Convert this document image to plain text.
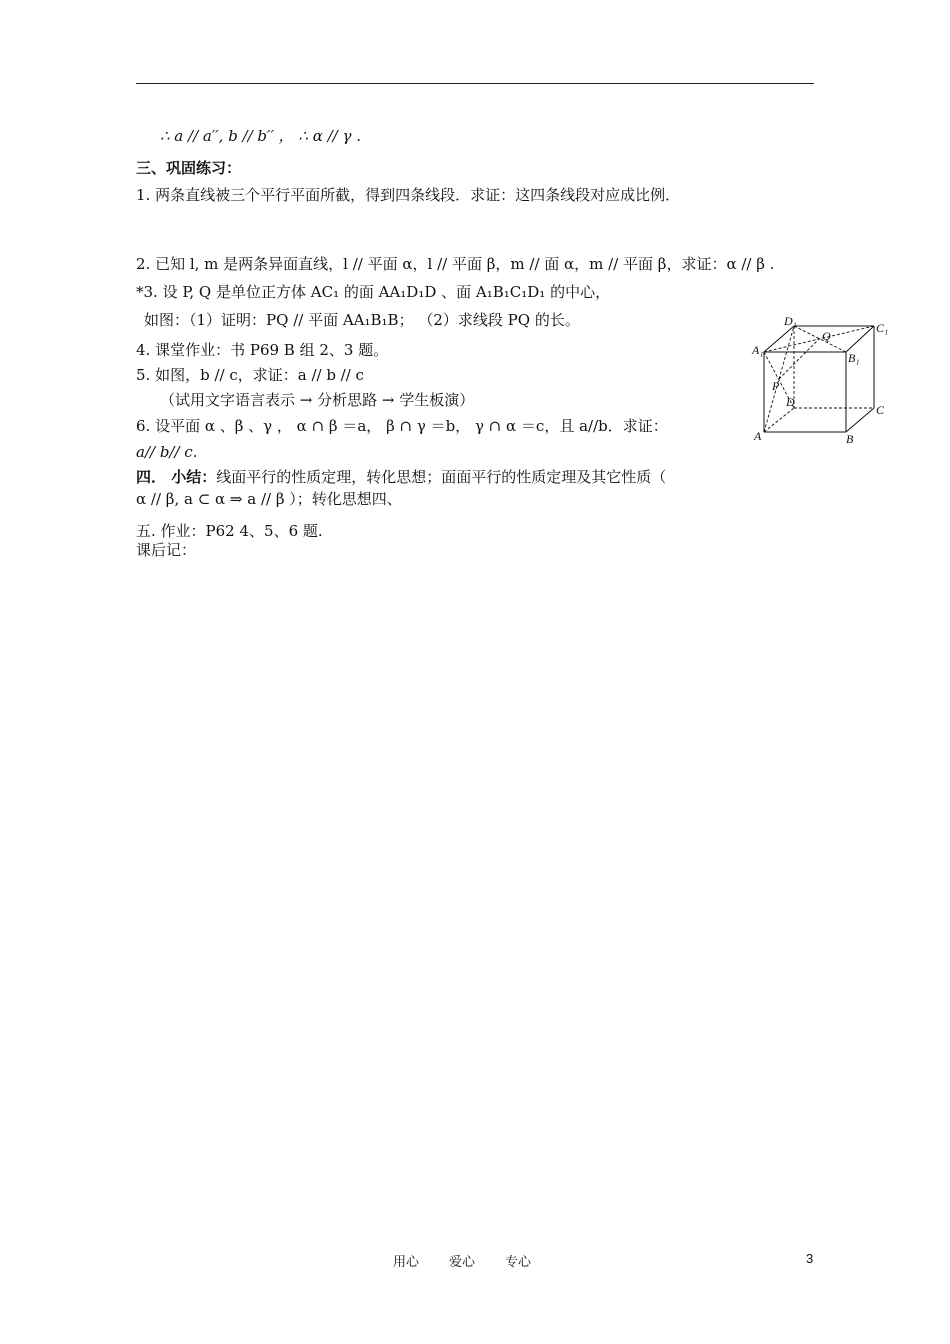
∴ a // a′′, b // b′′ ， ∴ α // γ .
三、巩固练习：
1. 两条直线被三个平行平面所截，得到四条线段．求证：这四条线段对应成比例．
2. 已知 l, m 是两条异面直线，l // 平面 α，l // 平面 β，m // 面 α，m // 平面 β，求证：α // β .
*3. 设 P, Q 是单位正方体 AC₁ 的面 AA₁D₁D 、面 A₁B₁C₁D₁ 的中心，
如图：（1）证明：PQ // 平面 AA₁B₁B； （2）求线段 PQ 的长。
4. 课堂作业：书 P69 B 组 2、3 题。
5. 如图，b // c，求证：a // b // c
（试用文字语言表示 → 分析思路 → 学生板演）
6. 设平面 α 、β 、γ ， α ∩ β ＝a， β ∩ γ ＝b， γ ∩ α ＝c，且 a//b．求证：
a// b// c.
四． 小结：线面平行的性质定理，转化思想；面面平行的性质定理及其它性质（
α // β, a ⊂ α ⇒ a // β ）；转化思想四、
五. 作业：P62 4、5、6 题.
课后记：
D₁	C₁
A₁
B₁
Q
P
D
C
A	B
用心 爱心 专心	3
